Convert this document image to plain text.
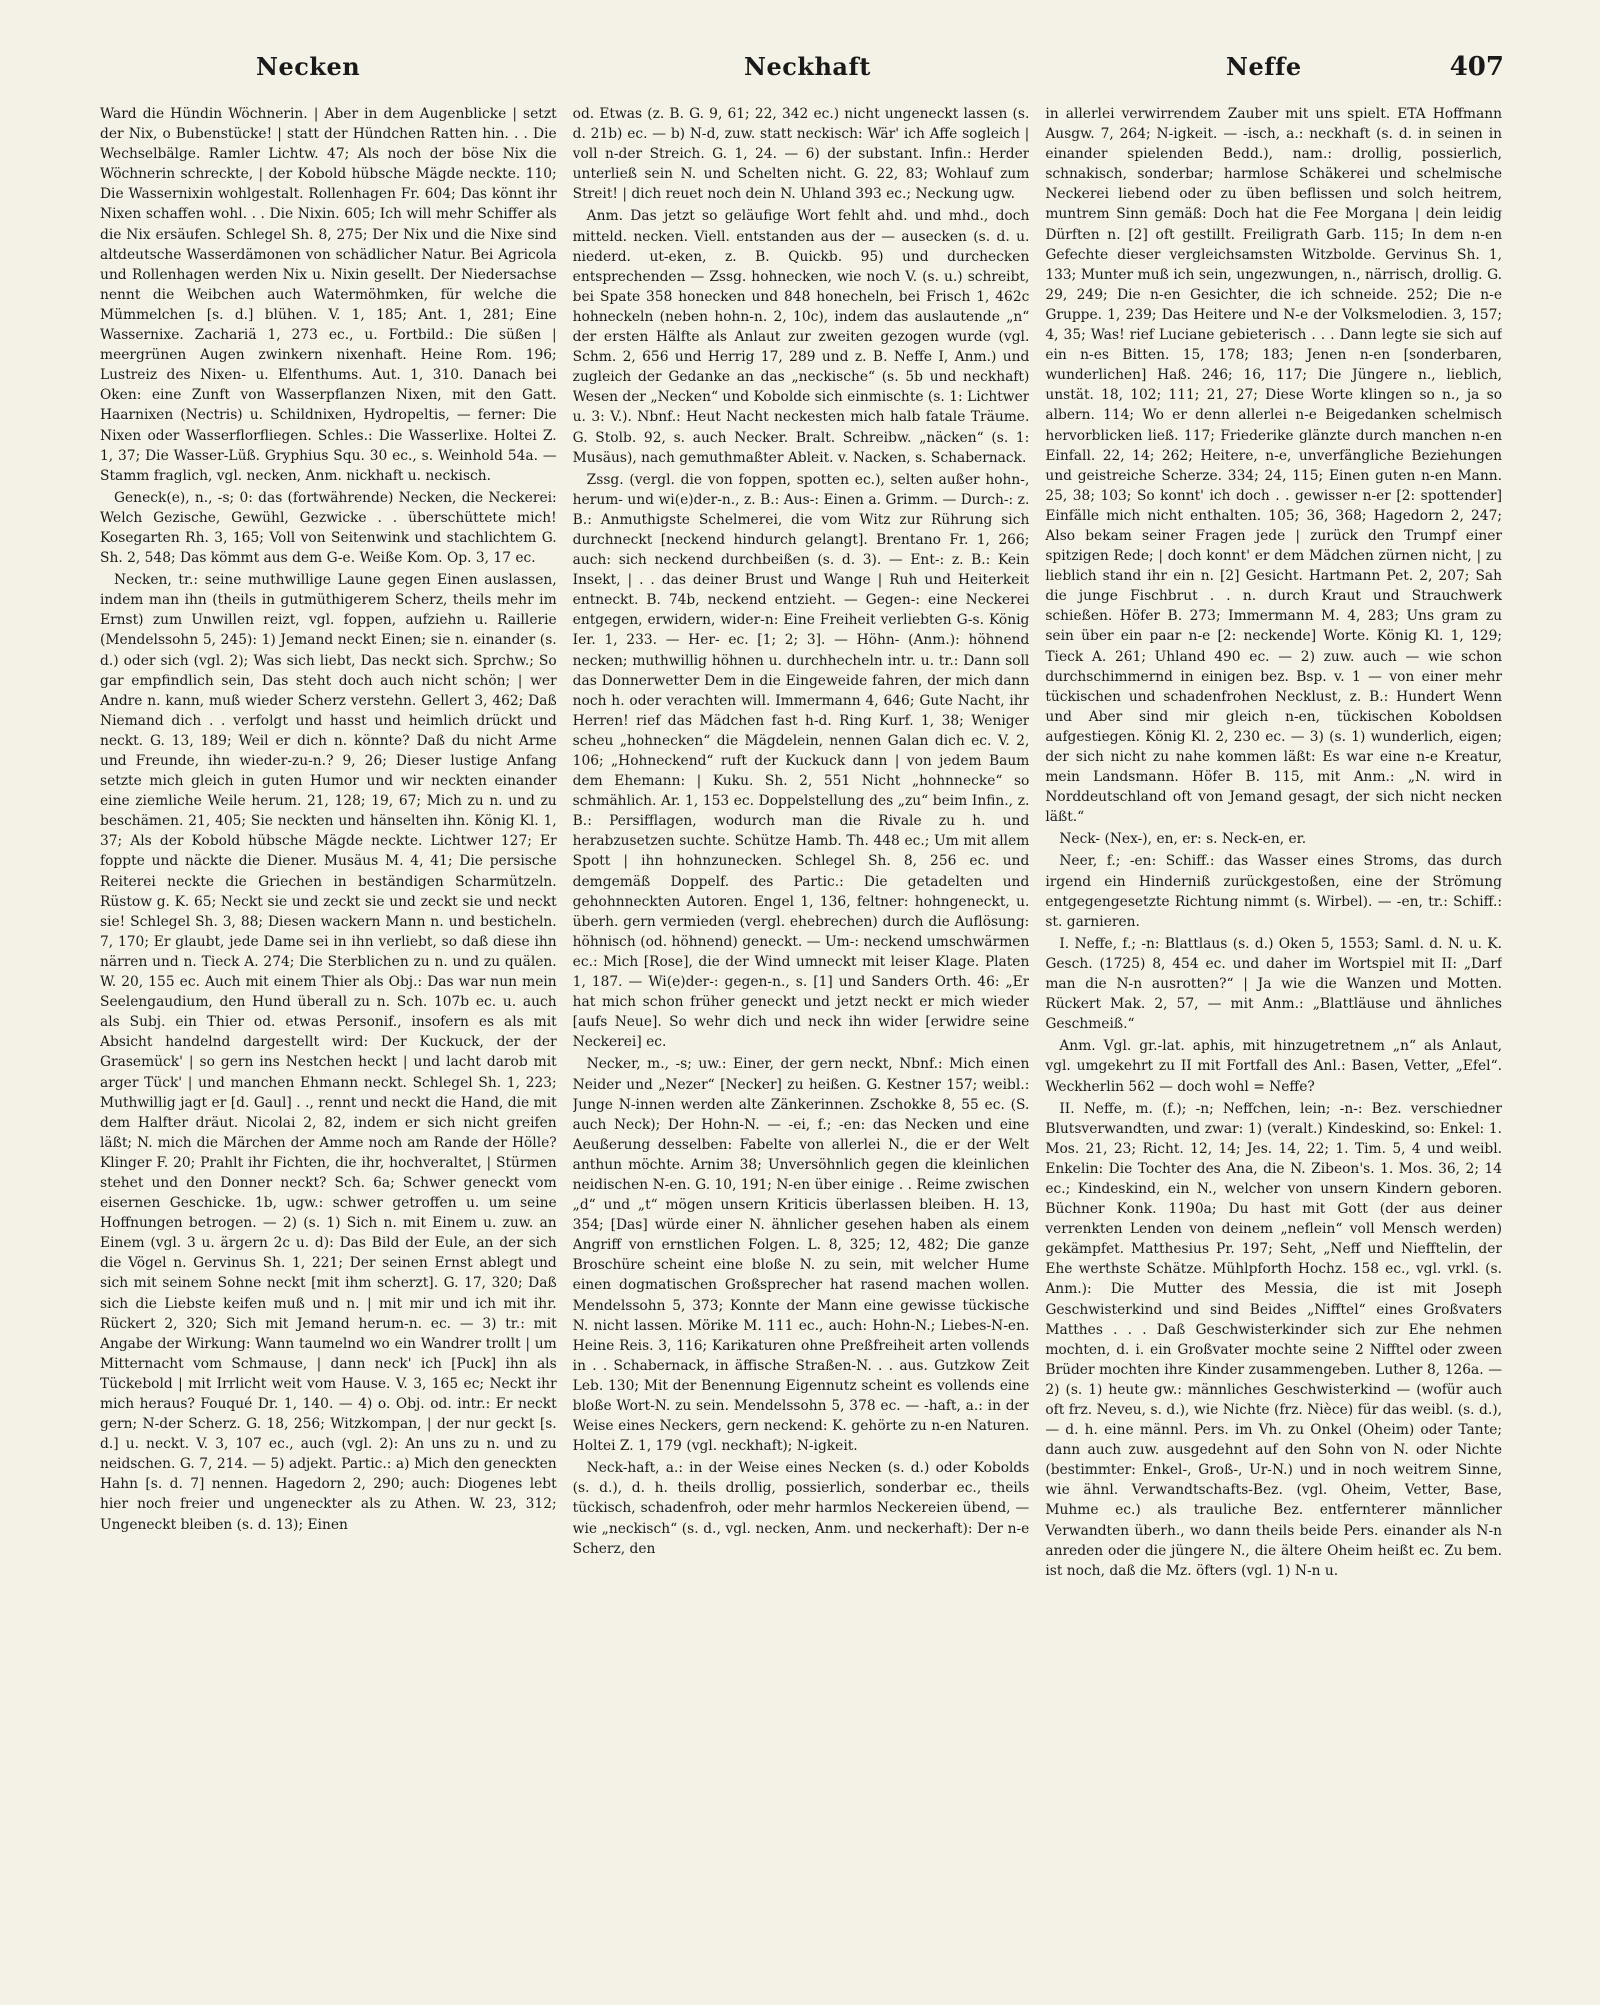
Necken	Neckhaft	Neffe	407

Ward die Hündin Wöchnerin. | Aber in dem Augenblicke | setzt der Nix, o Bubenstücke! | statt der Hündchen Ratten hin. . . Die Wechselbälge. Ramler Lichtw. 47; Als noch der böse Nix die Wöchnerin schreckte, | der Kobold hübsche Mägde neckte. 110; Die Wassernixin wohlgestalt. Rollenhagen Fr. 604; Das könnt ihr Nixen schaffen wohl. . . Die Nixin. 605; Ich will mehr Schiffer als die Nix ersäufen. Schlegel Sh. 8, 275; Der Nix und die Nixe sind altdeutsche Wasserdämonen von schädlicher Natur. Bei Agricola und Rollenhagen werden Nix u. Nixin gesellt. Der Niedersachse nennt die Weibchen auch Watermöhmken, für welche die Mümmelchen [s. d.] blühen. V. 1, 185; Ant. 1, 281; Eine Wassernixe. Zachariä 1, 273 ec., u. Fortbild.: Die süßen | meergrünen Augen zwinkern nixenhaft. Heine Rom. 196; Lustreiz des Nixen- u. Elfenthums. Aut. 1, 310. Danach bei Oken: eine Zunft von Wasserpflanzen Nixen, mit den Gatt. Haarnixen (Nectris) u. Schildnixen, Hydropeltis, — ferner: Die Nixen oder Wasserflorfliegen. Schles.: Die Wasserlixe. Holtei Z. 1, 37; Die Wasser-Lüß. Gryphius Squ. 30 ec., s. Weinhold 54a. — Stamm fraglich, vgl. necken, Anm. nickhaft u. neckisch.

Geneck(e), n., -s; 0: das (fortwährende) Necken, die Neckerei: Welch Gezische, Gewühl, Gezwicke . . überschüttete mich! Kosegarten Rh. 3, 165; Voll von Seitenwink und stachlichtem G. Sh. 2, 548; Das kömmt aus dem G-e. Weiße Kom. Op. 3, 17 ec.

Necken, tr.: seine muthwillige Laune gegen Einen auslassen, indem man ihn (theils in gutmüthigerem Scherz, theils mehr im Ernst) zum Unwillen reizt, vgl. foppen, aufziehn u. Raillerie (Mendelssohn 5, 245): 1) Jemand neckt Einen; sie n. einander (s. d.) oder sich (vgl. 2); Was sich liebt, Das neckt sich. Sprchw.; So gar empfindlich sein, Das steht doch auch nicht schön; | wer Andre n. kann, muß wieder Scherz verstehn. Gellert 3, 462; Daß Niemand dich . . verfolgt und hasst und heimlich drückt und neckt. G. 13, 189; Weil er dich n. könnte? Daß du nicht Arme und Freunde, ihn wieder-zu-n.? 9, 26; Dieser lustige Anfang setzte mich gleich in guten Humor und wir neckten einander eine ziemliche Weile herum. 21, 128; 19, 67; Mich zu n. und zu beschämen. 21, 405; Sie neckten und hänselten ihn. König Kl. 1, 37; Als der Kobold hübsche Mägde neckte. Lichtwer 127; Er foppte und näckte die Diener. Musäus M. 4, 41; Die persische Reiterei neckte die Griechen in beständigen Scharmützeln. Rüstow g. K. 65; Neckt sie und zeckt sie und zeckt sie und neckt sie! Schlegel Sh. 3, 88; Diesen wackern Mann n. und besticheln. 7, 170; Er glaubt, jede Dame sei in ihn verliebt, so daß diese ihn närren und n. Tieck A. 274; Die Sterblichen zu n. und zu quälen. W. 20, 155 ec. Auch mit einem Thier als Obj.: Das war nun mein Seelengaudium, den Hund überall zu n. Sch. 107b ec. u. auch als Subj. ein Thier od. etwas Personif., insofern es als mit Absicht handelnd dargestellt wird: Der Kuckuck, der der Grasemück' | so gern ins Nestchen heckt | und lacht darob mit arger Tück' | und manchen Ehmann neckt. Schlegel Sh. 1, 223; Muthwillig jagt er [d. Gaul] . ., rennt und neckt die Hand, die mit dem Halfter dräut. Nicolai 2, 82, indem er sich nicht greifen läßt; N. mich die Märchen der Amme noch am Rande der Hölle? Klinger F. 20; Prahlt ihr Fichten, die ihr, hochveraltet, | Stürmen stehet und den Donner neckt? Sch. 6a; Schwer geneckt vom eisernen Geschicke. 1b, ugw.: schwer getroffen u. um seine Hoffnungen betrogen. — 2) (s. 1) Sich n. mit Einem u. zuw. an Einem (vgl. 3 u. ärgern 2c u. d): Das Bild der Eule, an der sich die Vögel n. Gervinus Sh. 1, 221; Der seinen Ernst ablegt und sich mit seinem Sohne neckt [mit ihm scherzt]. G. 17, 320; Daß sich die Liebste keifen muß und n. | mit mir und ich mit ihr. Rückert 2, 320; Sich mit Jemand herum-n. ec. — 3) tr.: mit Angabe der Wirkung: Wann taumelnd wo ein Wandrer trollt | um Mitternacht vom Schmause, | dann neck' ich [Puck] ihn als Tückebold | mit Irrlicht weit vom Hause. V. 3, 165 ec; Neckt ihr mich heraus? Fouqué Dr. 1, 140. — 4) o. Obj. od. intr.: Er neckt gern; N-der Scherz. G. 18, 256; Witzkompan, | der nur geckt [s. d.] u. neckt. V. 3, 107 ec., auch (vgl. 2): An uns zu n. und zu neidschen. G. 7, 214. — 5) adjekt. Partic.: a) Mich den geneckten Hahn [s. d. 7] nennen. Hagedorn 2, 290; auch: Diogenes lebt hier noch freier und ungeneckter als zu Athen. W. 23, 312; Ungeneckt bleiben (s. d. 13); Einen

od. Etwas (z. B. G. 9, 61; 22, 342 ec.) nicht ungeneckt lassen (s. d. 21b) ec. — b) N-d, zuw. statt neckisch: Wär' ich Affe sogleich | voll n-der Streich. G. 1, 24. — 6) der substant. Infin.: Herder unterließ sein N. und Schelten nicht. G. 22, 83; Wohlauf zum Streit! | dich reuet noch dein N. Uhland 393 ec.; Neckung ugw.

Anm. Das jetzt so geläufige Wort fehlt ahd. und mhd., doch mitteld. necken. Viell. entstanden aus der — ausecken (s. d. u. niederd. ut-eken, z. B. Quickb. 95) und durchecken entsprechenden — Zssg. hohnecken, wie noch V. (s. u.) schreibt, bei Spate 358 honecken und 848 honecheln, bei Frisch 1, 462c hohneckeln (neben hohn-n. 2, 10c), indem das auslautende „n“ der ersten Hälfte als Anlaut zur zweiten gezogen wurde (vgl. Schm. 2, 656 und Herrig 17, 289 und z. B. Neffe I, Anm.) und zugleich der Gedanke an das „neckische“ (s. 5b und neckhaft) Wesen der „Necken“ und Kobolde sich einmischte (s. 1: Lichtwer u. 3: V.). Nbnf.: Heut Nacht neckesten mich halb fatale Träume. G. Stolb. 92, s. auch Necker. Bralt. Schreibw. „näcken“ (s. 1: Musäus), nach gemuthmaßter Ableit. v. Nacken, s. Schabernack.

Zssg. (vergl. die von foppen, spotten ec.), selten außer hohn-, herum- und wi(e)der-n., z. B.: Aus-: Einen a. Grimm. — Durch-: z. B.: Anmuthigste Schelmerei, die vom Witz zur Rührung sich durchneckt [neckend hindurch gelangt]. Brentano Fr. 1, 266; auch: sich neckend durchbeißen (s. d. 3). — Ent-: z. B.: Kein Insekt, | . . das deiner Brust und Wange | Ruh und Heiterkeit entneckt. B. 74b, neckend entzieht. — Gegen-: eine Neckerei entgegen, erwidern, wider-n: Eine Freiheit verliebten G-s. König Ier. 1, 233. — Her- ec. [1; 2; 3]. — Höhn- (Anm.): höhnend necken; muthwillig höhnen u. durchhecheln intr. u. tr.: Dann soll das Donnerwetter Dem in die Eingeweide fahren, der mich dann noch h. oder verachten will. Immermann 4, 646; Gute Nacht, ihr Herren! rief das Mädchen fast h-d. Ring Kurf. 1, 38; Weniger scheu „hohnecken“ die Mägdelein, nennen Galan dich ec. V. 2, 106; „Hohneckend“ ruft der Kuckuck dann | von jedem Baum dem Ehemann: | Kuku. Sh. 2, 551 Nicht „hohnnecke“ so schmählich. Ar. 1, 153 ec. Doppelstellung des „zu“ beim Infin., z. B.: Persifflagen, wodurch man die Rivale zu h. und herabzusetzen suchte. Schütze Hamb. Th. 448 ec.; Um mit allem Spott | ihn hohnzunecken. Schlegel Sh. 8, 256 ec. und demgemäß Doppelf. des Partic.: Die getadelten und gehohnneckten Autoren. Engel 1, 136, feltner: hohngeneckt, u. überh. gern vermieden (vergl. ehebrechen) durch die Auflösung: höhnisch (od. höhnend) geneckt. — Um-: neckend umschwärmen ec.: Mich [Rose], die der Wind umneckt mit leiser Klage. Platen 1, 187. — Wi(e)der-: gegen-n., s. [1] und Sanders Orth. 46: „Er hat mich schon früher geneckt und jetzt neckt er mich wieder [aufs Neue]. So wehr dich und neck ihn wider [erwidre seine Neckerei] ec.

Necker, m., -s; uw.: Einer, der gern neckt, Nbnf.: Mich einen Neider und „Nezer“ [Necker] zu heißen. G. Kestner 157; weibl.: Junge N-innen werden alte Zänkerinnen. Zschokke 8, 55 ec. (S. auch Neck); Der Hohn-N. — -ei, f.; -en: das Necken und eine Aeußerung desselben: Fabelte von allerlei N., die er der Welt anthun möchte. Arnim 38; Unversöhnlich gegen die kleinlichen neidischen N-en. G. 10, 191; N-en über einige . . Reime zwischen „d“ und „t“ mögen unsern Kriticis überlassen bleiben. H. 13, 354; [Das] würde einer N. ähnlicher gesehen haben als einem Angriff von ernstlichen Folgen. L. 8, 325; 12, 482; Die ganze Broschüre scheint eine bloße N. zu sein, mit welcher Hume einen dogmatischen Großsprecher hat rasend machen wollen. Mendelssohn 5, 373; Konnte der Mann eine gewisse tückische N. nicht lassen. Mörike M. 111 ec., auch: Hohn-N.; Liebes-N-en. Heine Reis. 3, 116; Karikaturen ohne Preßfreiheit arten vollends in . . Schabernack, in äffische Straßen-N. . . aus. Gutzkow Zeit Leb. 130; Mit der Benennung Eigennutz scheint es vollends eine bloße Wort-N. zu sein. Mendelssohn 5, 378 ec. — -haft, a.: in der Weise eines Neckers, gern neckend: K. gehörte zu n-en Naturen. Holtei Z. 1, 179 (vgl. neckhaft); N-igkeit.

Neck-haft, a.: in der Weise eines Necken (s. d.) oder Kobolds (s. d.), d. h. theils drollig, possierlich, sonderbar ec., theils tückisch, schadenfroh, oder mehr harmlos Neckereien übend, — wie „neckisch“ (s. d., vgl. necken, Anm. und neckerhaft): Der n-e Scherz, den

in allerlei verwirrendem Zauber mit uns spielt. ETA Hoffmann Ausgw. 7, 264; N-igkeit. — -isch, a.: neckhaft (s. d. in seinen in einander spielenden Bedd.), nam.: drollig, possierlich, schnakisch, sonderbar; harmlose Schäkerei und schelmische Neckerei liebend oder zu üben beflissen und solch heitrem, muntrem Sinn gemäß: Doch hat die Fee Morgana | dein leidig Dürften n. [2] oft gestillt. Freiligrath Garb. 115; In dem n-en Gefechte dieser vergleichsamsten Witzbolde. Gervinus Sh. 1, 133; Munter muß ich sein, ungezwungen, n., närrisch, drollig. G. 29, 249; Die n-en Gesichter, die ich schneide. 252; Die n-e Gruppe. 1, 239; Das Heitere und N-e der Volksmelodien. 3, 157; 4, 35; Was! rief Luciane gebieterisch . . . Dann legte sie sich auf ein n-es Bitten. 15, 178; 183; Jenen n-en [sonderbaren, wunderlichen] Haß. 246; 16, 117; Die Jüngere n., lieblich, unstät. 18, 102; 111; 21, 27; Diese Worte klingen so n., ja so albern. 114; Wo er denn allerlei n-e Beigedanken schelmisch hervorblicken ließ. 117; Friederike glänzte durch manchen n-en Einfall. 22, 14; 262; Heitere, n-e, unverfängliche Beziehungen und geistreiche Scherze. 334; 24, 115; Einen guten n-en Mann. 25, 38; 103; So konnt' ich doch . . gewisser n-er [2: spottender] Einfälle mich nicht enthalten. 105; 36, 368; Hagedorn 2, 247; Also bekam seiner Fragen jede | zurück den Trumpf einer spitzigen Rede; | doch konnt' er dem Mädchen zürnen nicht, | zu lieblich stand ihr ein n. [2] Gesicht. Hartmann Pet. 2, 207; Sah die junge Fischbrut . . n. durch Kraut und Strauchwerk schießen. Höfer B. 273; Immermann M. 4, 283; Uns gram zu sein über ein paar n-e [2: neckende] Worte. König Kl. 1, 129; Tieck A. 261; Uhland 490 ec. — 2) zuw. auch — wie schon durchschimmernd in einigen bez. Bsp. v. 1 — von einer mehr tückischen und schadenfrohen Necklust, z. B.: Hundert Wenn und Aber sind mir gleich n-en, tückischen Koboldsen aufgestiegen. König Kl. 2, 230 ec. — 3) (s. 1) wunderlich, eigen; der sich nicht zu nahe kommen läßt: Es war eine n-e Kreatur, mein Landsmann. Höfer B. 115, mit Anm.: „N. wird in Norddeutschland oft von Jemand gesagt, der sich nicht necken läßt.“

Neck- (Nex-), en, er: s. Neck-en, er.

Neer, f.; -en: Schiff.: das Wasser eines Stroms, das durch irgend ein Hinderniß zurückgestoßen, eine der Strömung entgegengesetzte Richtung nimmt (s. Wirbel). — -en, tr.: Schiff.: st. garnieren.

I. Neffe, f.; -n: Blattlaus (s. d.) Oken 5, 1553; Saml. d. N. u. K. Gesch. (1725) 8, 454 ec. und daher im Wortspiel mit II: „Darf man die N-n ausrotten?“ | Ja wie die Wanzen und Motten. Rückert Mak. 2, 57, — mit Anm.: „Blattläuse und ähnliches Geschmeiß.“

Anm. Vgl. gr.-lat. aphis, mit hinzugetretnem „n“ als Anlaut, vgl. umgekehrt zu II mit Fortfall des Anl.: Basen, Vetter, „Efel“. Weckherlin 562 — doch wohl = Neffe?

II. Neffe, m. (f.); -n; Neffchen, lein; -n-: Bez. verschiedner Blutsverwandten, und zwar: 1) (veralt.) Kindeskind, so: Enkel: 1. Mos. 21, 23; Richt. 12, 14; Jes. 14, 22; 1. Tim. 5, 4 und weibl. Enkelin: Die Tochter des Ana, die N. Zibeon's. 1. Mos. 36, 2; 14 ec.; Kindeskind, ein N., welcher von unsern Kindern geboren. Büchner Konk. 1190a; Du hast mit Gott (der aus deiner verrenkten Lenden von deinem „neflein“ voll Mensch werden) gekämpfet. Matthesius Pr. 197; Seht, „Neff und Niefftelin, der Ehe werthste Schätze. Mühlpforth Hochz. 158 ec., vgl. vrkl. (s. Anm.): Die Mutter des Messia, die ist mit Joseph Geschwisterkind und sind Beides „Nifftel“ eines Großvaters Matthes . . . Daß Geschwisterkinder sich zur Ehe nehmen mochten, d. i. ein Großvater mochte seine 2 Nifftel oder zween Brüder mochten ihre Kinder zusammengeben. Luther 8, 126a. — 2) (s. 1) heute gw.: männliches Geschwisterkind — (wofür auch oft frz. Neveu, s. d.), wie Nichte (frz. Nièce) für das weibl. (s. d.), — d. h. eine männl. Pers. im Vh. zu Onkel (Oheim) oder Tante; dann auch zuw. ausgedehnt auf den Sohn von N. oder Nichte (bestimmter: Enkel-, Groß-, Ur-N.) und in noch weitrem Sinne, wie ähnl. Verwandtschafts-Bez. (vgl. Oheim, Vetter, Base, Muhme ec.) als trauliche Bez. entfernterer männlicher Verwandten überh., wo dann theils beide Pers. einander als N-n anreden oder die jüngere N., die ältere Oheim heißt ec. Zu bem. ist noch, daß die Mz. öfters (vgl. 1) N-n u.
